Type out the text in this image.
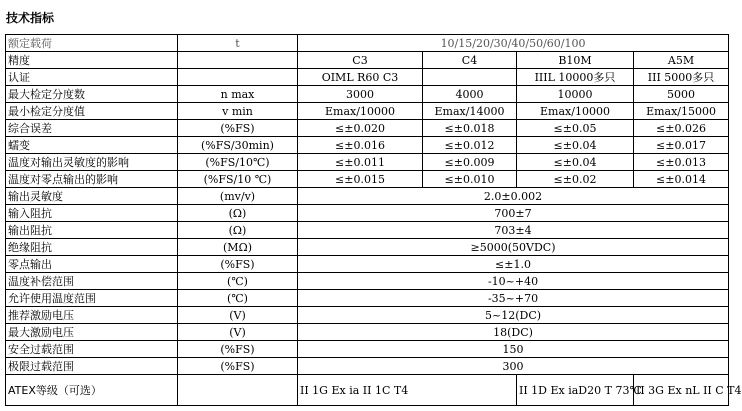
技术指标
额定载荷	t	10/15/20/30/40/50/60/100			
精度		C3	C4	B10M	A5M
认证		OIML R60 C3		IIIL 10000多只	III 5000多只
最大检定分度数	n max	3000	4000	10000	5000
最小检定分度值	v min	Emax/10000	Emax/14000	Emax/10000	Emax/15000
综合误差	(%FS)	≤±0.020	≤±0.018	≤±0.05	≤±0.026
蠕变	(%FS/30min)	≤±0.016	≤±0.012	≤±0.04	≤±0.017
温度对输出灵敏度的影响	(%FS/10℃)	≤±0.011	≤±0.009	≤±0.04	≤±0.013
温度对零点输出的影响	(%FS/10 ℃)	≤±0.015	≤±0.010	≤±0.02	≤±0.014
输出灵敏度	(mv/v)	2.0±0.002			
输入阻抗	(Ω)	700±7			
输出阻抗	(Ω)	703±4			
绝缘阻抗	(MΩ)	≥5000(50VDC)			
零点输出	(%FS)	≤±1.0			
温度补偿范围	(℃)	-10~+40			
允许使用温度范围	(℃)	-35~+70			
推荐激励电压	(V)	5~12(DC)			
最大激励电压	(V)	18(DC)			
安全过载范围	(%FS)	150			
极限过载范围	(%FS)	300			
ATEX等级（可选）		II 1G Ex ia II 1C T4		II 1D Ex iaD20 T 73℃	II 3G Ex nL II C T4
